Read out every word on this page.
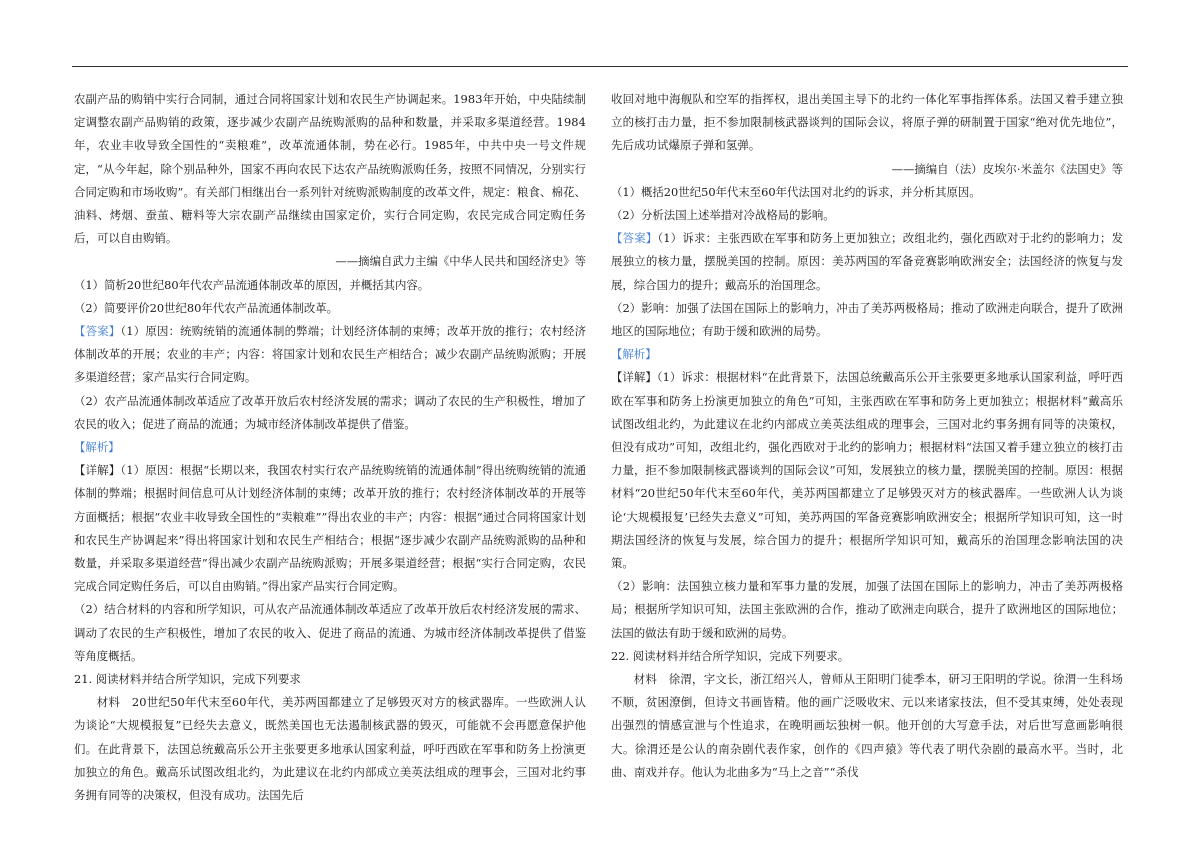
农副产品的购销中实行合同制，通过合同将国家计划和农民生产协调起来。1983年开始，中央陆续制定调整农副产品购销的政策，逐步减少农副产品统购派购的品种和数量，并采取多渠道经营。1984年，农业丰收导致全国性的“卖粮难”，改革流通体制，势在必行。1985年，中共中央一号文件规定，“从今年起，除个别品种外，国家不再向农民下达农产品统购派购任务，按照不同情况，分别实行合同定购和市场收购”。有关部门相继出台一系列针对统购派购制度的改革文件，规定：粮食、棉花、油料、烤烟、蚕茧、糖料等大宗农副产品继续由国家定价，实行合同定购，农民完成合同定购任务后，可以自由购销。

——摘编自武力主编《中华人民共和国经济史》等

（1）简析20世纪80年代农产品流通体制改革的原因，并概括其内容。

（2）简要评价20世纪80年代农产品流通体制改革。

【答案】（1）原因：统购统销的流通体制的弊端；计划经济体制的束缚；改革开放的推行；农村经济体制改革的开展；农业的丰产；内容：将国家计划和农民生产相结合；减少农副产品统购派购；开展多渠道经营；家产品实行合同定购。

（2）农产品流通体制改革适应了改革开放后农村经济发展的需求；调动了农民的生产积极性，增加了农民的收入；促进了商品的流通；为城市经济体制改革提供了借鉴。

【解析】

【详解】（1）原因：根据“长期以来，我国农村实行农产品统购统销的流通体制”得出统购统销的流通体制的弊端；根据时间信息可从计划经济体制的束缚；改革开放的推行；农村经济体制改革的开展等方面概括；根据“农业丰收导致全国性的“卖粮难””得出农业的丰产；内容：根据“通过合同将国家计划和农民生产协调起来”得出将国家计划和农民生产相结合；根据“逐步减少农副产品统购派购的品种和数量，并采取多渠道经营”得出减少农副产品统购派购；开展多渠道经营；根据“实行合同定购，农民完成合同定购任务后，可以自由购销。”得出家产品实行合同定购。

（2）结合材料的内容和所学知识，可从农产品流通体制改革适应了改革开放后农村经济发展的需求、调动了农民的生产积极性，增加了农民的收入、促进了商品的流通、为城市经济体制改革提供了借鉴等角度概括。

21. 阅读材料并结合所学知识，完成下列要求

材料　20世纪50年代末至60年代，美苏两国都建立了足够毁灭对方的核武器库。一些欧洲人认为谈论“大规模报复”已经失去意义，既然美国也无法遏制核武器的毁灭，可能就不会再愿意保护他们。在此背景下，法国总统戴高乐公开主张要更多地承认国家利益，呼吁西欧在军事和防务上扮演更加独立的角色。戴高乐试图改组北约，为此建议在北约内部成立美英法组成的理事会，三国对北约事务拥有同等的决策权，但没有成功。法国先后

收回对地中海舰队和空军的指挥权，退出美国主导下的北约一体化军事指挥体系。法国又着手建立独立的核打击力量，拒不参加限制核武器谈判的国际会议，将原子弹的研制置于国家“绝对优先地位”，先后成功试爆原子弹和氢弹。

——摘编自（法）皮埃尔·米盖尔《法国史》等

（1）概括20世纪50年代末至60年代法国对北约的诉求，并分析其原因。

（2）分析法国上述举措对冷战格局的影响。

【答案】（1）诉求：主张西欧在军事和防务上更加独立；改组北约，强化西欧对于北约的影响力；发展独立的核力量，摆脱美国的控制。原因：美苏两国的军备竞赛影响欧洲安全；法国经济的恢复与发展，综合国力的提升；戴高乐的治国理念。

（2）影响：加强了法国在国际上的影响力，冲击了美苏两极格局；推动了欧洲走向联合，提升了欧洲地区的国际地位；有助于缓和欧洲的局势。

【解析】

【详解】（1）诉求：根据材料“在此背景下，法国总统戴高乐公开主张要更多地承认国家利益，呼吁西欧在军事和防务上扮演更加独立的角色”可知，主张西欧在军事和防务上更加独立；根据材料“戴高乐试图改组北约，为此建议在北约内部成立美英法组成的理事会，三国对北约事务拥有同等的决策权，但没有成功”可知，改组北约，强化西欧对于北约的影响力；根据材料“法国又着手建立独立的核打击力量，拒不参加限制核武器谈判的国际会议”可知，发展独立的核力量，摆脱美国的控制。原因：根据材料“20世纪50年代末至60年代，美苏两国都建立了足够毁灭对方的核武器库。一些欧洲人认为谈论‘大规模报复’已经失去意义”可知，美苏两国的军备竞赛影响欧洲安全；根据所学知识可知，这一时期法国经济的恢复与发展，综合国力的提升；根据所学知识可知，戴高乐的治国理念影响法国的决策。

（2）影响：法国独立核力量和军事力量的发展，加强了法国在国际上的影响力，冲击了美苏两极格局；根据所学知识可知，法国主张欧洲的合作，推动了欧洲走向联合，提升了欧洲地区的国际地位；法国的做法有助于缓和欧洲的局势。

22. 阅读材料并结合所学知识，完成下列要求。

材料　徐渭，字文长，浙江绍兴人，曾师从王阳明门徒季本，研习王阳明的学说。徐渭一生科场不顺，贫困潦倒，但诗文书画皆精。他的画广泛吸收宋、元以来诸家技法，但不受其束缚，处处表现出强烈的情感宣泄与个性追求，在晚明画坛独树一帜。他开创的大写意手法，对后世写意画影响很大。徐渭还是公认的南杂剧代表作家，创作的《四声猿》等代表了明代杂剧的最高水平。当时，北曲、南戏并存。他认为北曲多为“马上之音”“杀伐
